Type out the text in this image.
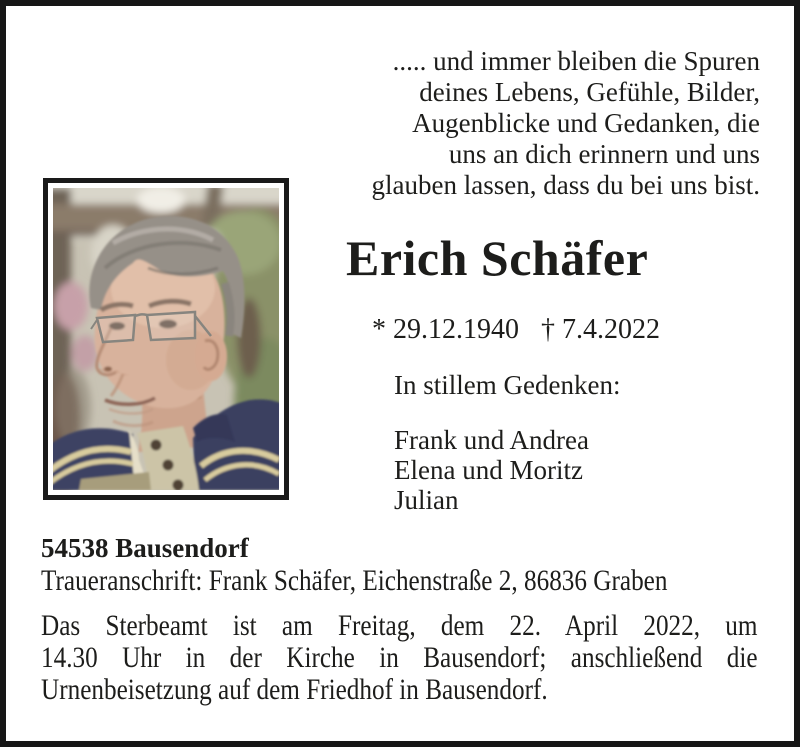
..... und immer bleiben die Spuren
deines Lebens, Gefühle, Bilder,
Augenblicke und Gedanken, die
uns an dich erinnern und uns
glauben lassen, dass du bei uns bist.
Erich Schäfer
* 29.12.1940 † 7.4.2022
In stillem Gedenken:
Frank und Andrea
Elena und Moritz
Julian
54538 Bausendorf
Traueranschrift: Frank Schäfer, Eichenstraße 2, 86836 Graben
Das Sterbeamt ist am Freitag, dem 22. April 2022, um
14.30 Uhr in der Kirche in Bausendorf; anschließend die
Urnenbeisetzung auf dem Friedhof in Bausendorf.
